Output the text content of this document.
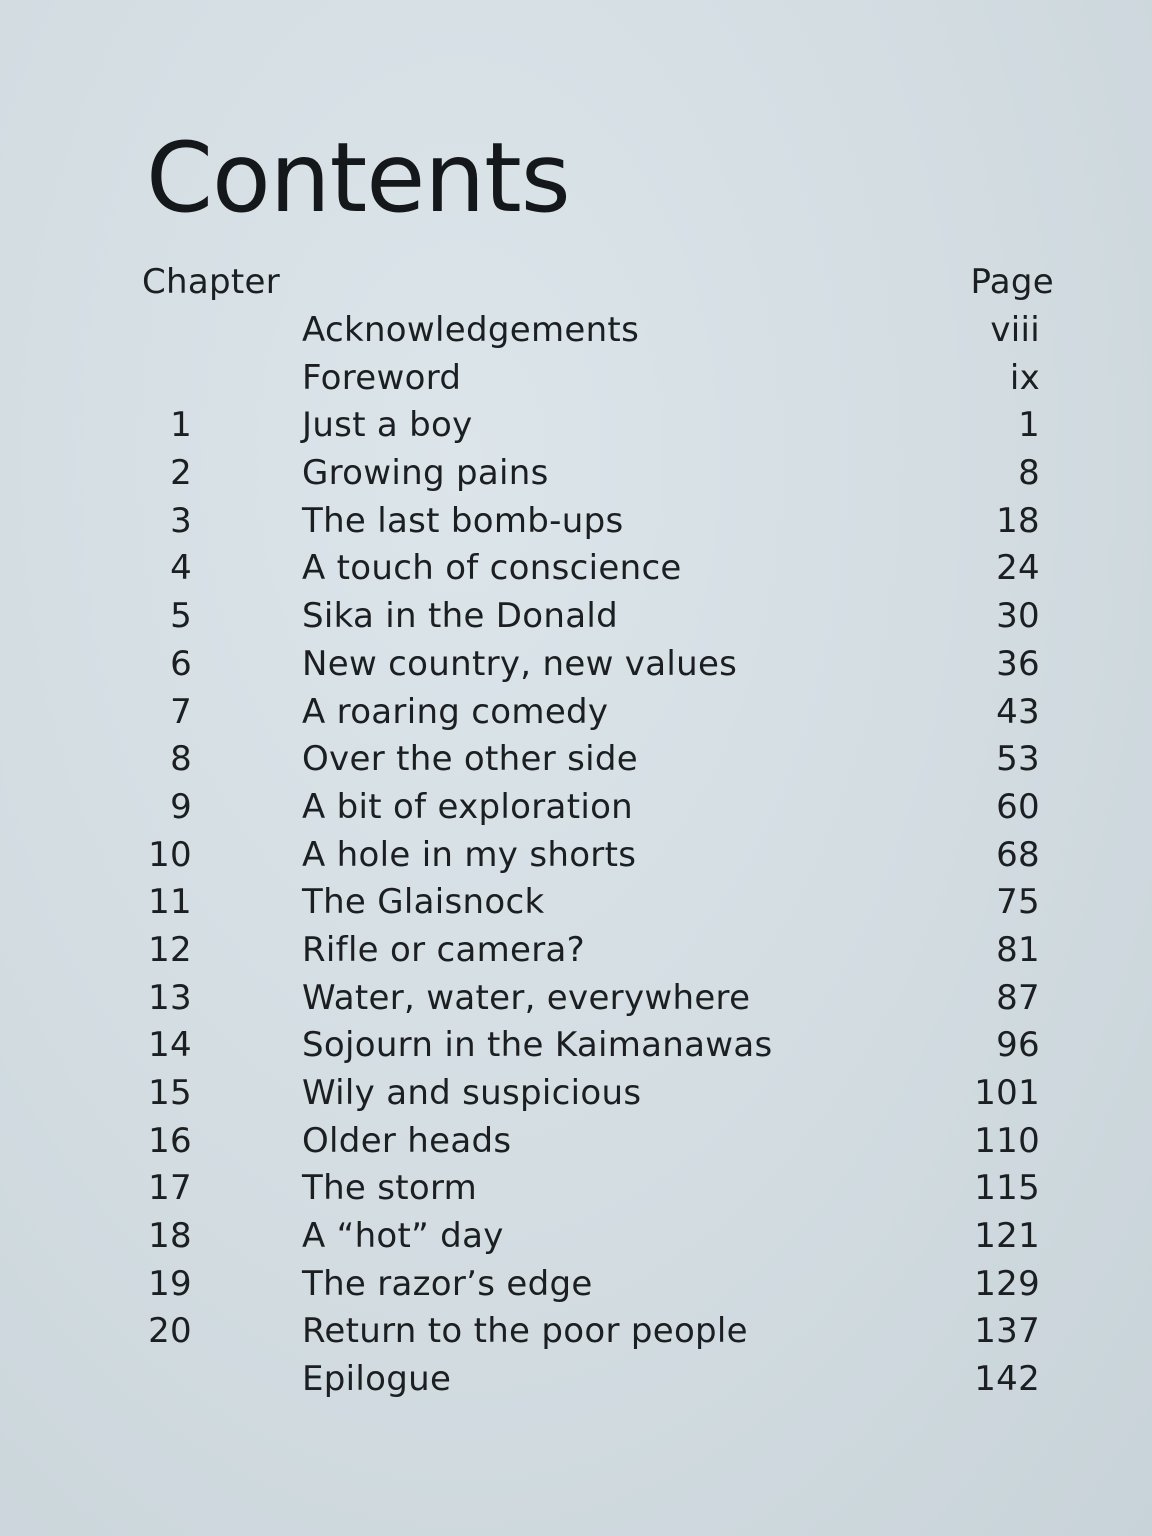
Contents
Chapter	Page
Acknowledgements	viii
Foreword	ix
1	Just a boy	1
2	Growing pains	8
3	The last bomb-ups	18
4	A touch of conscience	24
5	Sika in the Donald	30
6	New country, new values	36
7	A roaring comedy	43
8	Over the other side	53
9	A bit of exploration	60
10	A hole in my shorts	68
11	The Glaisnock	75
12	Rifle or camera?	81
13	Water, water, everywhere	87
14	Sojourn in the Kaimanawas	96
15	Wily and suspicious	101
16	Older heads	110
17	The storm	115
18	A “hot” day	121
19	The razor’s edge	129
20	Return to the poor people	137
Epilogue	142
